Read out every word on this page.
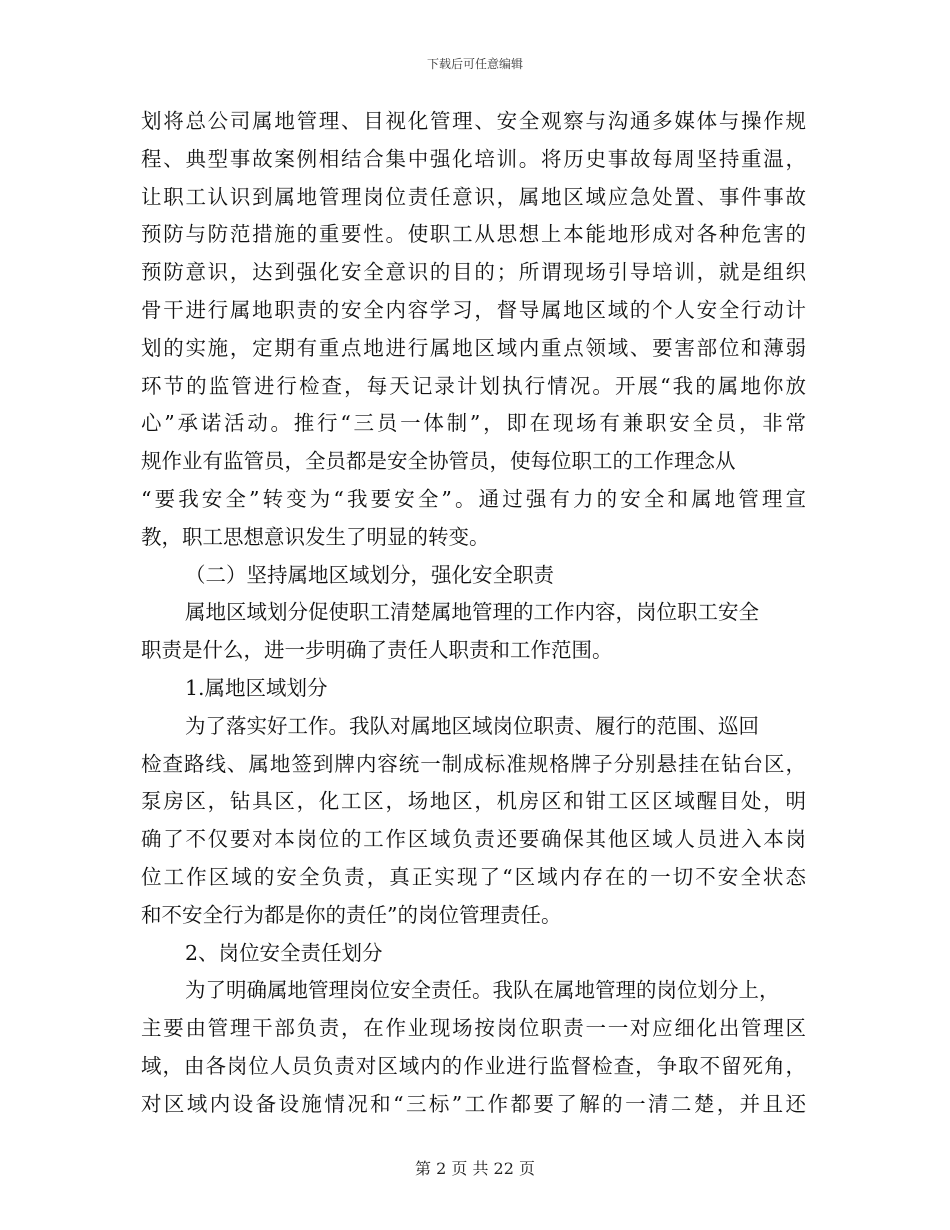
下载后可任意编辑
划将总公司属地管理、目视化管理、安全观察与沟通多媒体与操作规
程、典型事故案例相结合集中强化培训。将历史事故每周坚持重温，
让职工认识到属地管理岗位责任意识，属地区域应急处置、事件事故
预防与防范措施的重要性。使职工从思想上本能地形成对各种危害的
预防意识，达到强化安全意识的目的；所谓现场引导培训，就是组织
骨干进行属地职责的安全内容学习，督导属地区域的个人安全行动计
划的实施，定期有重点地进行属地区域内重点领域、要害部位和薄弱
环节的监管进行检查，每天记录计划执行情况。开展“我的属地你放
心”承诺活动。推行“三员一体制”，即在现场有兼职安全员，非常
规作业有监管员，全员都是安全协管员，使每位职工的工作理念从
“要我安全”转变为“我要安全”。通过强有力的安全和属地管理宣
教，职工思想意识发生了明显的转变。
（二）坚持属地区域划分，强化安全职责
属地区域划分促使职工清楚属地管理的工作内容，岗位职工安全
职责是什么，进一步明确了责任人职责和工作范围。
1.属地区域划分
为了落实好工作。我队对属地区域岗位职责、履行的范围、巡回
检查路线、属地签到牌内容统一制成标准规格牌子分别悬挂在钻台区，
泵房区，钻具区，化工区，场地区，机房区和钳工区区域醒目处，明
确了不仅要对本岗位的工作区域负责还要确保其他区域人员进入本岗
位工作区域的安全负责，真正实现了“区域内存在的一切不安全状态
和不安全行为都是你的责任”的岗位管理责任。
2、岗位安全责任划分
为了明确属地管理岗位安全责任。我队在属地管理的岗位划分上，
主要由管理干部负责，在作业现场按岗位职责一一对应细化出管理区
域，由各岗位人员负责对区域内的作业进行监督检查，争取不留死角，
对区域内设备设施情况和“三标”工作都要了解的一清二楚，并且还
第 2 页 共 22 页
